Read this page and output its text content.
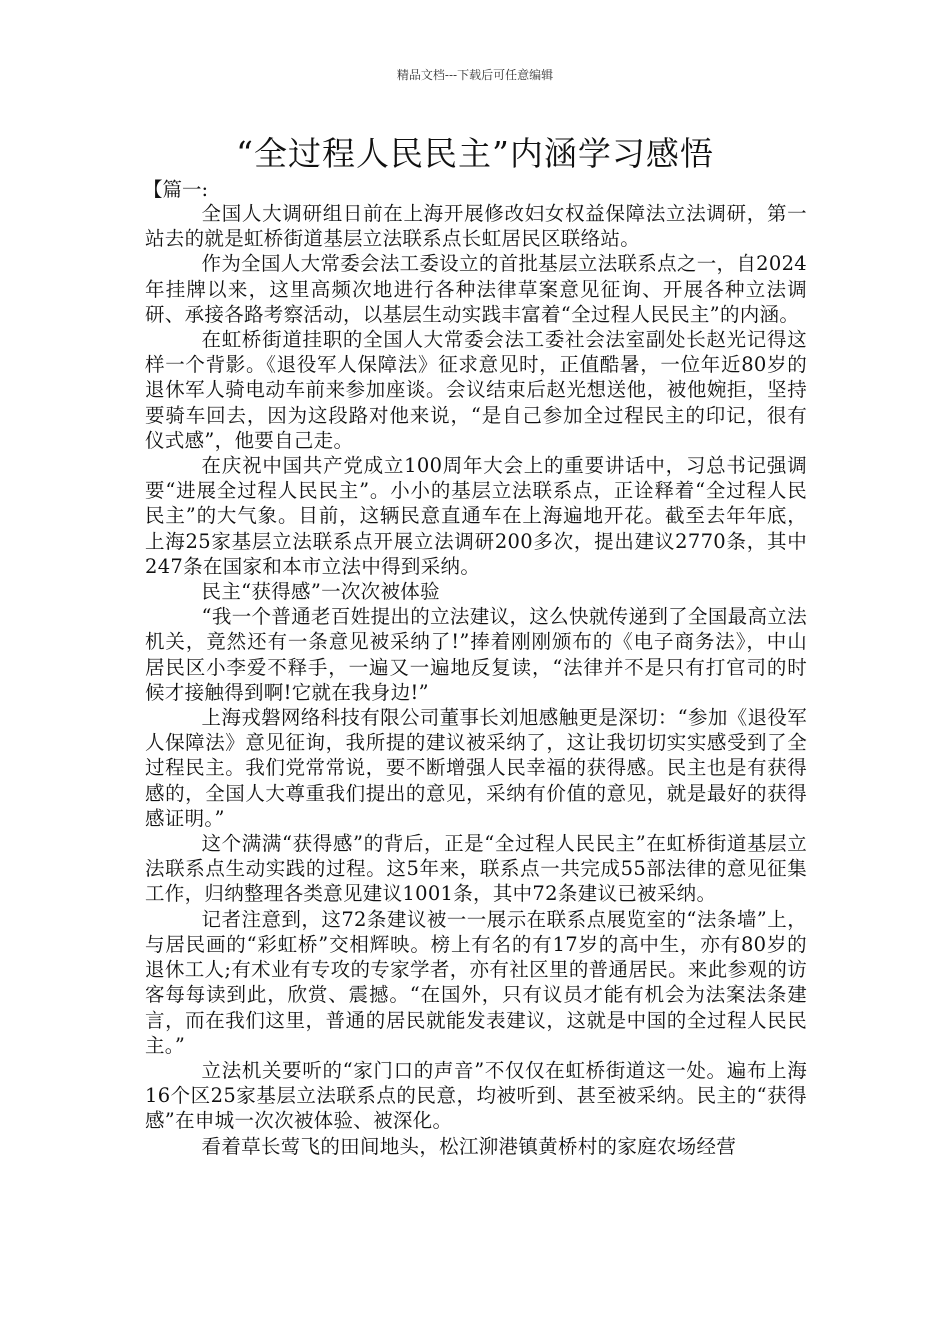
精品文档---下载后可任意编辑
“全过程人民民主”内涵学习感悟
【篇一:

全国人大调研组日前在上海开展修改妇女权益保障法立法调研，第一站去的就是虹桥街道基层立法联系点长虹居民区联络站。

作为全国人大常委会法工委设立的首批基层立法联系点之一，自2024年挂牌以来，这里高频次地进行各种法律草案意见征询、开展各种立法调研、承接各路考察活动，以基层生动实践丰富着“全过程人民民主”的内涵。

在虹桥街道挂职的全国人大常委会法工委社会法室副处长赵光记得这样一个背影。《退役军人保障法》征求意见时，正值酷暑，一位年近80岁的退休军人骑电动车前来参加座谈。会议结束后赵光想送他，被他婉拒，坚持要骑车回去，因为这段路对他来说，“是自己参加全过程民主的印记，很有仪式感”，他要自己走。

在庆祝中国共产党成立100周年大会上的重要讲话中，习总书记强调要“进展全过程人民民主”。小小的基层立法联系点，正诠释着“全过程人民民主”的大气象。目前，这辆民意直通车在上海遍地开花。截至去年年底，上海25家基层立法联系点开展立法调研200多次，提出建议2770条，其中247条在国家和本市立法中得到采纳。

民主“获得感”一次次被体验

“我一个普通老百姓提出的立法建议，这么快就传递到了全国最高立法机关，竟然还有一条意见被采纳了!”捧着刚刚颁布的《电子商务法》，中山居民区小李爱不释手，一遍又一遍地反复读，“法律并不是只有打官司的时候才接触得到啊!它就在我身边!”

上海戎磐网络科技有限公司董事长刘旭感触更是深切：“参加《退役军人保障法》意见征询，我所提的建议被采纳了，这让我切切实实感受到了全过程民主。我们党常常说，要不断增强人民幸福的获得感。民主也是有获得感的，全国人大尊重我们提出的意见，采纳有价值的意见，就是最好的获得感证明。”

这个满满“获得感”的背后，正是“全过程人民民主”在虹桥街道基层立法联系点生动实践的过程。这5年来，联系点一共完成55部法律的意见征集工作，归纳整理各类意见建议1001条，其中72条建议已被采纳。

记者注意到，这72条建议被一一展示在联系点展览室的“法条墙”上，与居民画的“彩虹桥”交相辉映。榜上有名的有17岁的高中生，亦有80岁的退休工人;有术业有专攻的专家学者，亦有社区里的普通居民。来此参观的访客每每读到此，欣赏、震撼。“在国外，只有议员才能有机会为法案法条建言，而在我们这里，普通的居民就能发表建议，这就是中国的全过程人民民主。”

立法机关要听的“家门口的声音”不仅仅在虹桥街道这一处。遍布上海16个区25家基层立法联系点的民意，均被听到、甚至被采纳。民主的“获得感”在申城一次次被体验、被深化。

看着草长莺飞的田间地头，松江泖港镇黄桥村的家庭农场经营
